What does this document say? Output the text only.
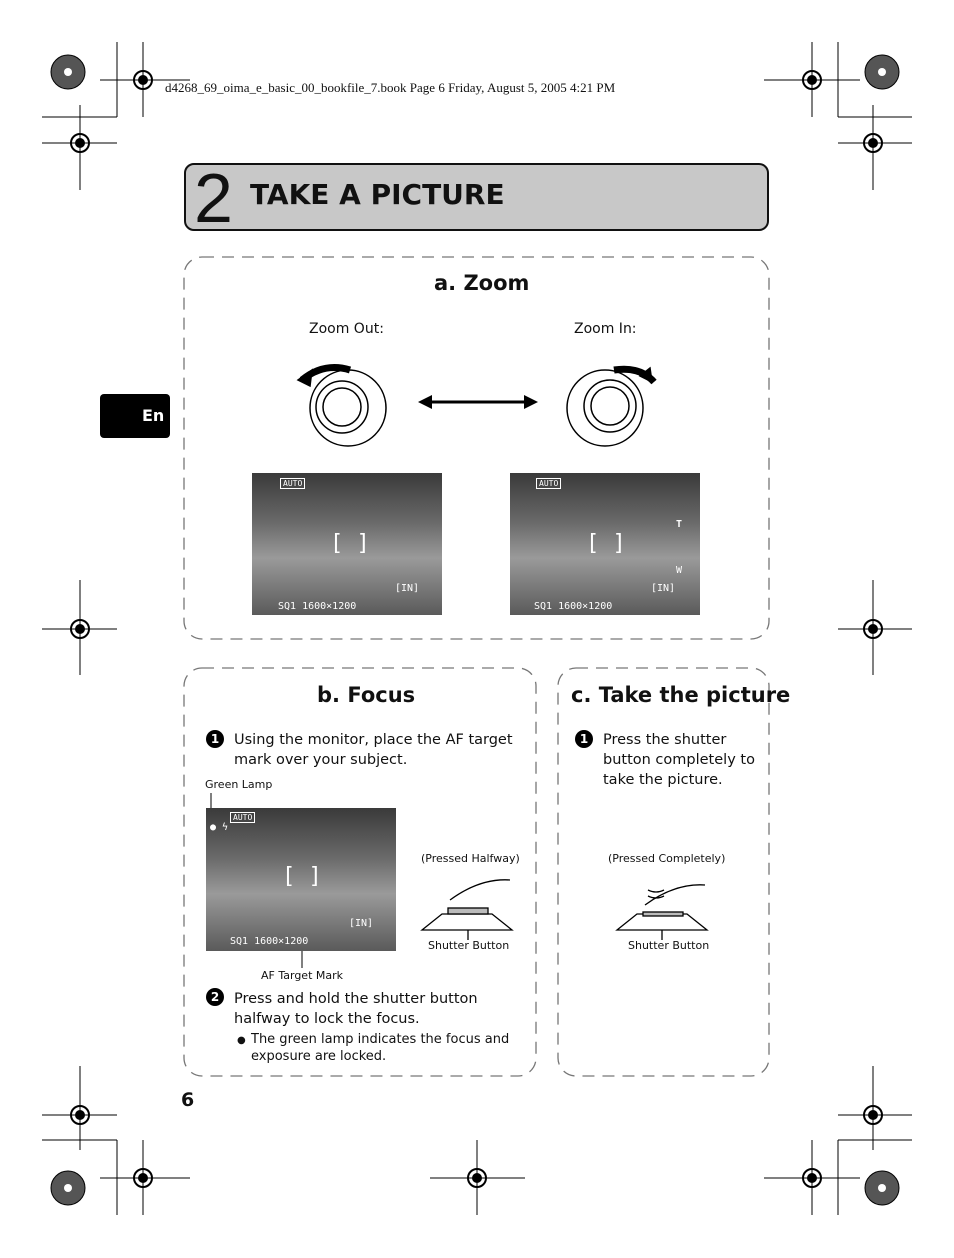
d4268_69_oima_e_basic_00_bookfile_7.book Page 6 Friday, August 5, 2005 4:21 PM
2 TAKE A PICTURE
En
a. Zoom
Zoom Out:	Zoom In:
AUTO
[IN]
SQ1 1600×1200
[ ]
AUTO
T
W
[IN]
SQ1 1600×1200
[ ]
b. Focus
1	Using the monitor, place the AF target mark over your subject.
Green Lamp
AUTO
● ϟ
[IN]
SQ1 1600×1200
[ ]
(Pressed Halfway)
Shutter Button
AF Target Mark
2	Press and hold the shutter button halfway to lock the focus.
● The green lamp indicates the focus and exposure are locked.
c. Take the picture
1	Press the shutter button completely to take the picture.
(Pressed Completely)
Shutter Button
6
